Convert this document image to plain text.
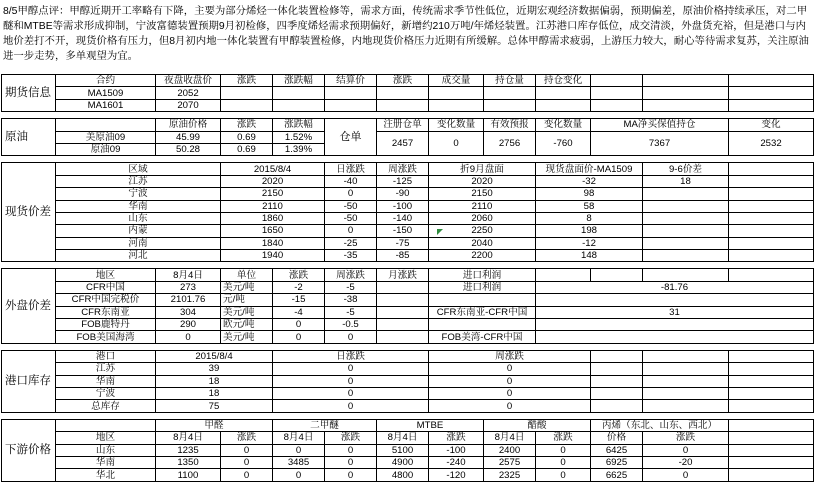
8/5甲醇点评：甲醇近期开工率略有下降，主要为部分烯烃一体化装置检修等，需求方面，传统需求季节性低位，近期宏观经济数据偏弱，预期偏差，原油价格持续承压，对二甲醚和MTBE等需求形成抑制，宁波富德装置预期9月初检修，四季度烯烃需求预期偏好，新增约210万吨/年烯烃装置。江苏港口库存低位，成交清淡，外盘货充裕，但是港口与内地价差打不开，现货价格有压力，但8月初内地一体化装置有甲醇装置检修，内地现货价格压力近期有所缓解。总体甲醇需求疲弱，上游压力较大，耐心等待需求复苏，关注原油进一步走势，多单观望为宜。
期货信息	合约	夜盘收盘价	涨跌	涨跌幅	结算价	涨跌	成交量	持仓量	持仓变化				
	MA1509	2052											
	MA1601	2070											

原油		原油价格	涨跌	涨跌幅	仓单	注册仓单	变化数量	有效预报	变化数量	MA净买保值持仓		变化	
	美原油09	45.99	0.69	1.52%		2457	0	2756	-760	7367		2532	
	原油09	50.28	0.69	1.39%									

现货价差	区域		2015/8/4		日涨跌	周涨跌	折9月盘面		现货盘面价-MA1509		9-6价差		
	江苏		2020		-40	-125	2020		-32		18		
	宁波		2150		0	-90	2150		98				
	华南		2110		-50	-100	2110		58				
	山东		1860		-50	-140	2060		8				
	内蒙		1650		0	-150	2250		198				
	河南		1840		-25	-75	2040		-12				
	河北		1940		-35	-85	2200		148				

外盘价差	地区	8月4日	单位	涨跌	周涨跌	月涨跌	进口利润						
	CFR中国	273	美元/吨	-2	-5		进口利润		-81.76				
	CFR中国完税价	2101.76	元/吨	-15	-38								
	CFR东南亚	304	美元/吨	-4	-5		CFR东南亚-CFR中国		31				
	FOB鹿特丹	290	欧元/吨	0	-0.5								
	FOB美国海湾	0	美元/吨	0	0		FOB美湾-CFR中国						

港口库存	港口	2015/8/4		日涨跌			周涨跌						
	江苏	39		0			0						
	华南	18		0			0						
	宁波	18		0			0						
	总库存	75		0			0						

下游价格		甲醛		二甲醚		MTBE		醋酸		丙烯（东北、山东、西北）			
	地区	8月4日	涨跌	8月4日	涨跌	8月4日	涨跌	8月4日	涨跌	价格	涨跌		
	山东	1235	0	0	0	5100	-100	2400	0	6425	0		
	华南	1350	0	3485	0	4900	-240	2575	0	6925	-20		
	华北	1100	0	0	0	4800	-120	2325	0	6625	0		
